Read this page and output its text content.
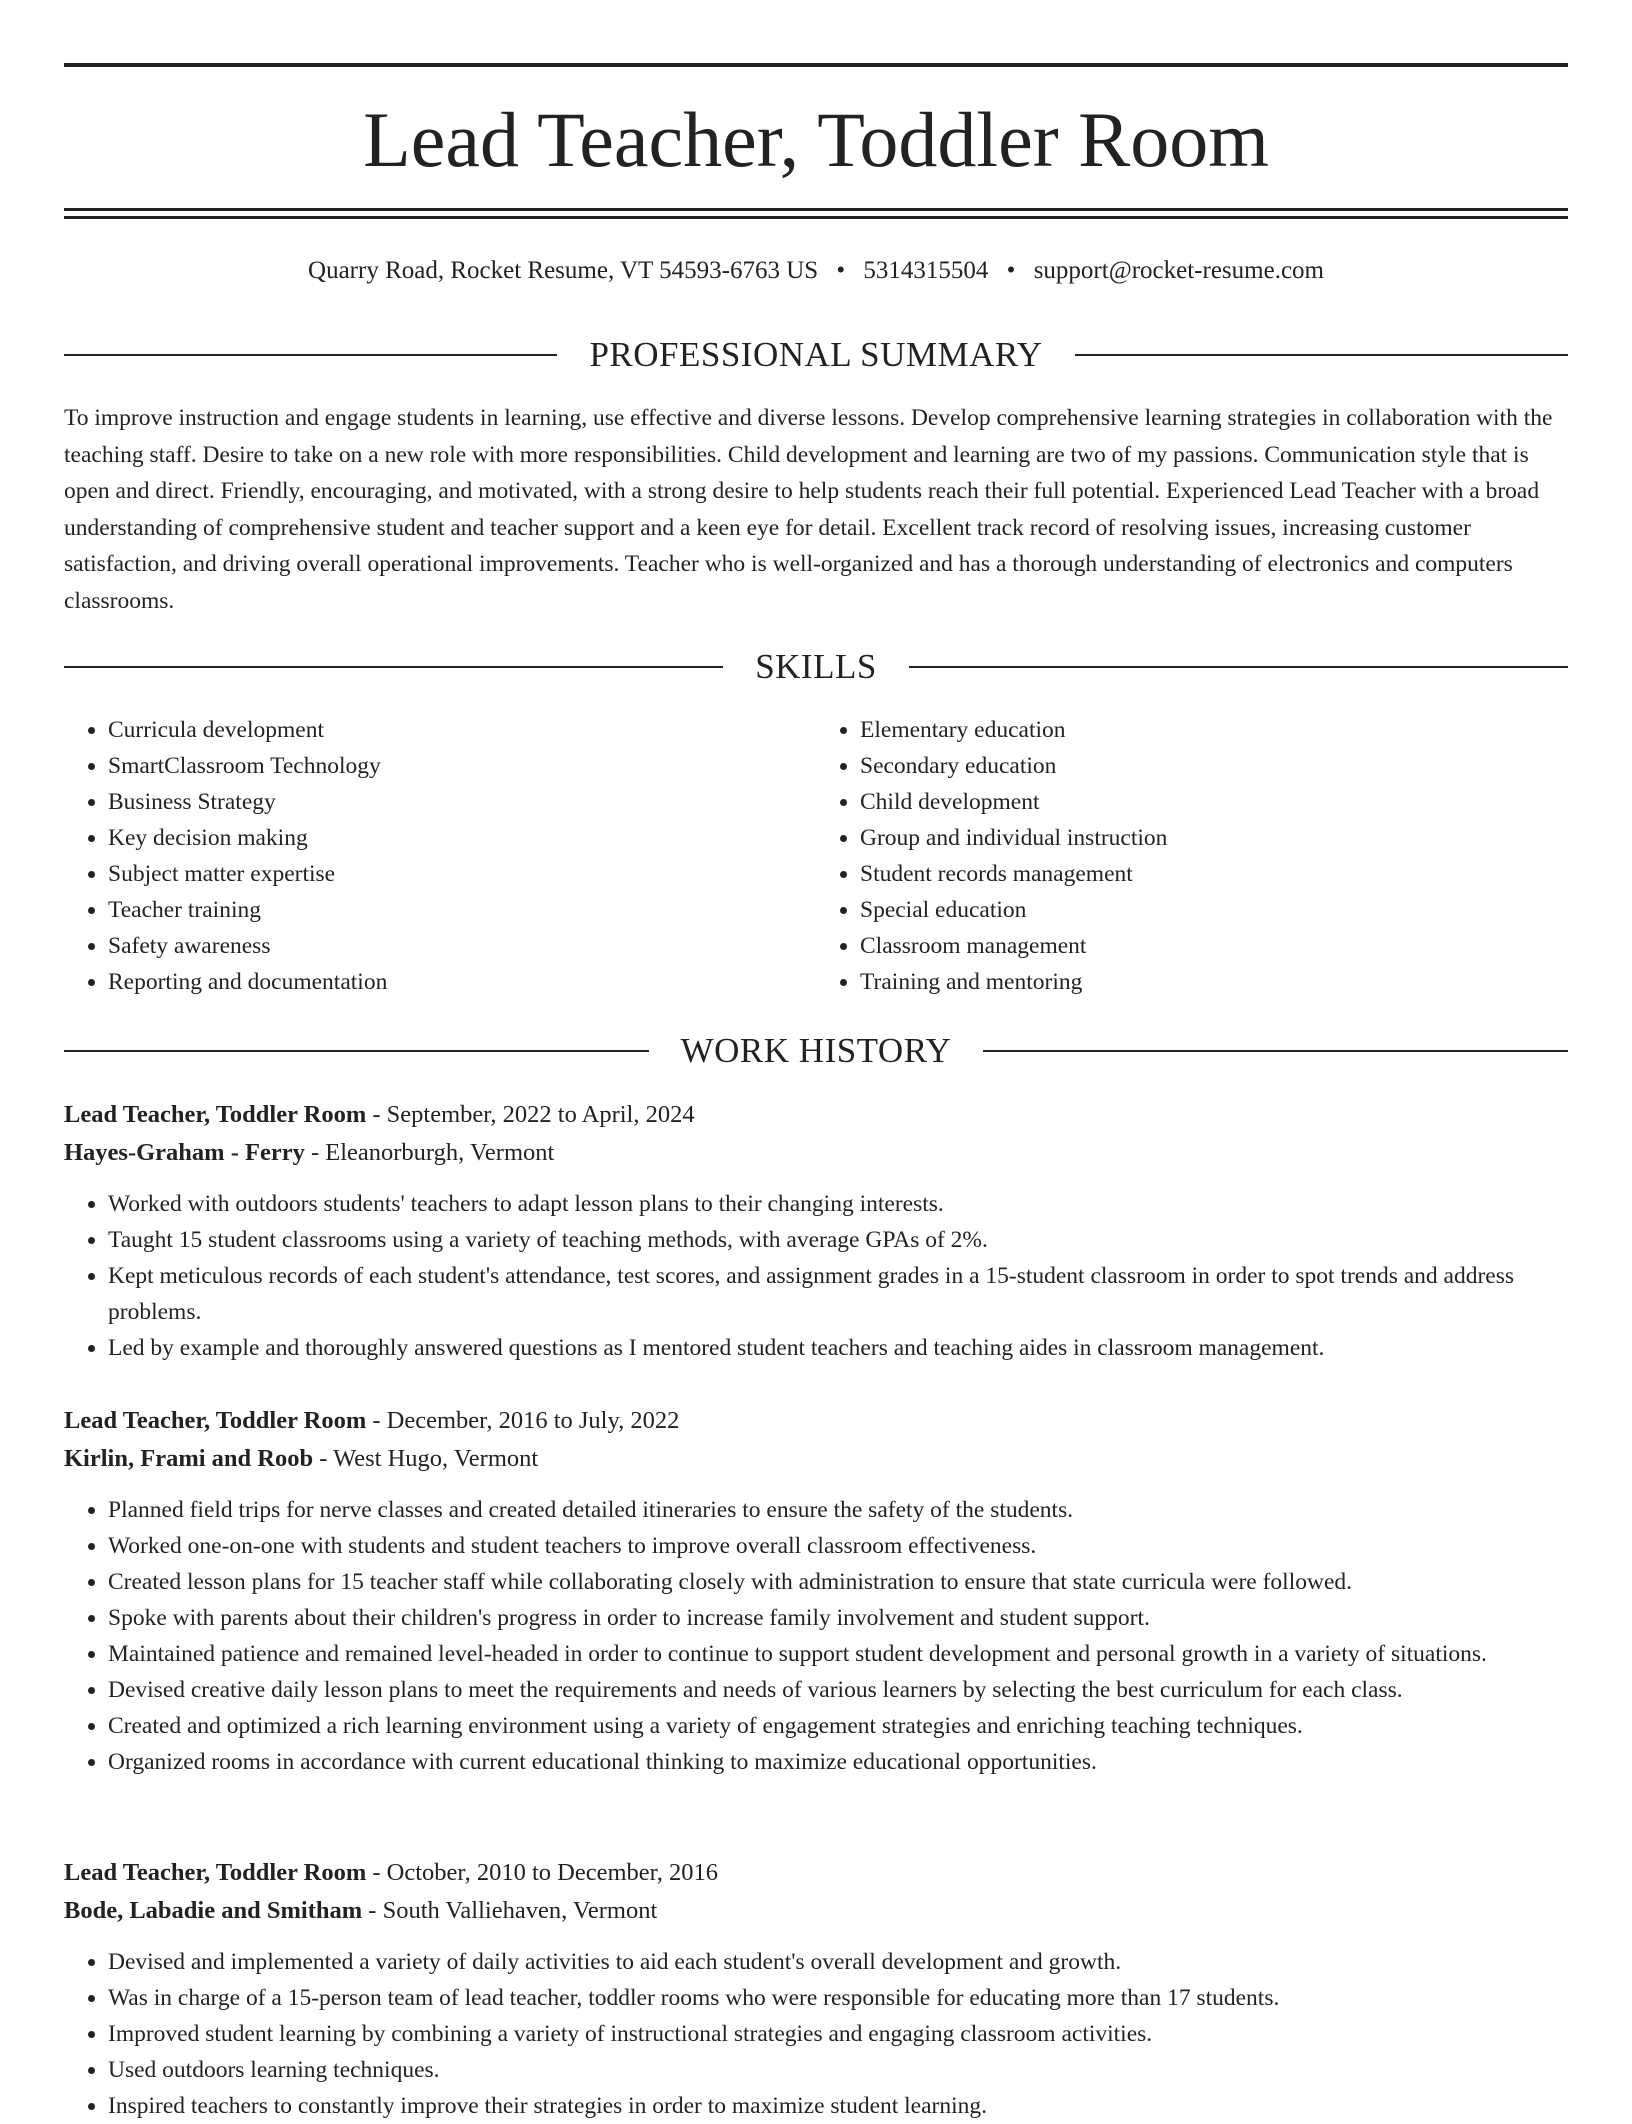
Lead Teacher, Toddler Room
Quarry Road, Rocket Resume, VT 54593-6763 US • 5314315504 • support@rocket-resume.com
PROFESSIONAL SUMMARY

To improve instruction and engage students in learning, use effective and diverse lessons. Develop comprehensive learning strategies in collaboration with the teaching staff. Desire to take on a new role with more responsibilities. Child development and learning are two of my passions. Communication style that is open and direct. Friendly, encouraging, and motivated, with a strong desire to help students reach their full potential. Experienced Lead Teacher with a broad understanding of comprehensive student and teacher support and a keen eye for detail. Excellent track record of resolving issues, increasing customer satisfaction, and driving overall operational improvements. Teacher who is well-organized and has a thorough understanding of electronics and computers classrooms.

SKILLS
• Curricula development
• SmartClassroom Technology
• Business Strategy
• Key decision making
• Subject matter expertise
• Teacher training
• Safety awareness
• Reporting and documentation
• Elementary education
• Secondary education
• Child development
• Group and individual instruction
• Student records management
• Special education
• Classroom management
• Training and mentoring
WORK HISTORY

Lead Teacher, Toddler Room - September, 2022 to April, 2024

Hayes-Graham - Ferry - Eleanorburgh, Vermont

• Worked with outdoors students' teachers to adapt lesson plans to their changing interests.
• Taught 15 student classrooms using a variety of teaching methods, with average GPAs of 2%.
• Kept meticulous records of each student's attendance, test scores, and assignment grades in a 15-student classroom in order to spot trends and address problems.
• Led by example and thoroughly answered questions as I mentored student teachers and teaching aides in classroom management.

Lead Teacher, Toddler Room - December, 2016 to July, 2022

Kirlin, Frami and Roob - West Hugo, Vermont

• Planned field trips for nerve classes and created detailed itineraries to ensure the safety of the students.
• Worked one-on-one with students and student teachers to improve overall classroom effectiveness.
• Created lesson plans for 15 teacher staff while collaborating closely with administration to ensure that state curricula were followed.
• Spoke with parents about their children's progress in order to increase family involvement and student support.
• Maintained patience and remained level-headed in order to continue to support student development and personal growth in a variety of situations.
• Devised creative daily lesson plans to meet the requirements and needs of various learners by selecting the best curriculum for each class.
• Created and optimized a rich learning environment using a variety of engagement strategies and enriching teaching techniques.
• Organized rooms in accordance with current educational thinking to maximize educational opportunities.

Lead Teacher, Toddler Room - October, 2010 to December, 2016

Bode, Labadie and Smitham - South Valliehaven, Vermont

• Devised and implemented a variety of daily activities to aid each student's overall development and growth.
• Was in charge of a 15-person team of lead teacher, toddler rooms who were responsible for educating more than 17 students.
• Improved student learning by combining a variety of instructional strategies and engaging classroom activities.
• Used outdoors learning techniques.
• Inspired teachers to constantly improve their strategies in order to maximize student learning.
